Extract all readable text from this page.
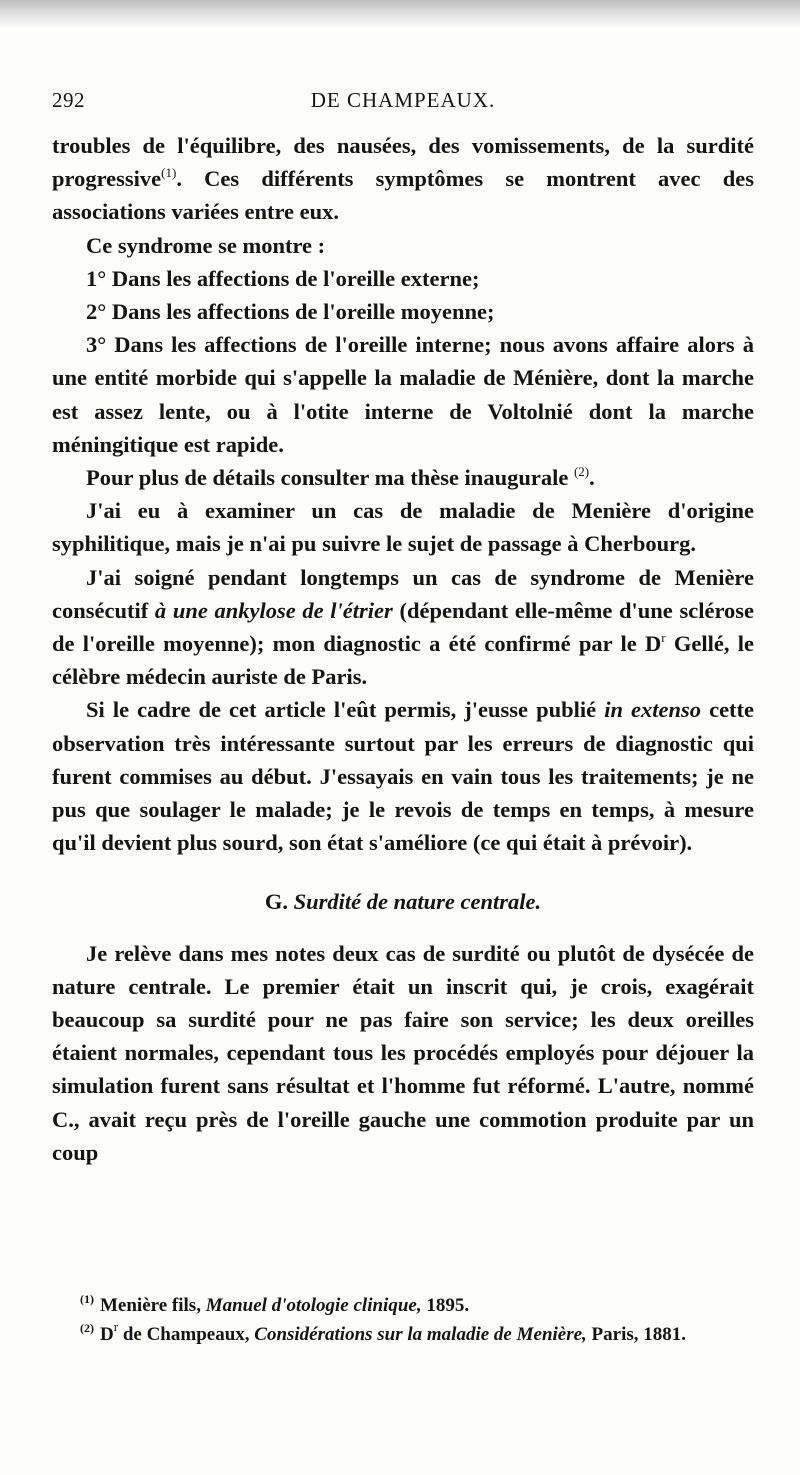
292	DE CHAMPEAUX.

troubles de l'équilibre, des nausées, des vomissements, de la surdité progressive$^{(1)}$. Ces différents symptômes se montrent avec des associations variées entre eux.

Ce syndrome se montre :

1° Dans les affections de l'oreille externe;

2° Dans les affections de l'oreille moyenne;

3° Dans les affections de l'oreille interne; nous avons affaire alors à une entité morbide qui s'appelle la maladie de Ménière, dont la marche est assez lente, ou à l'otite interne de Voltolnié dont la marche méningitique est rapide.

Pour plus de détails consulter ma thèse inaugurale $^{(2)}$.

J'ai eu à examiner un cas de maladie de Menière d'origine syphilitique, mais je n'ai pu suivre le sujet de passage à Cherbourg.

J'ai soigné pendant longtemps un cas de syndrome de Menière consécutif à une ankylose de l'étrier (dépendant elle-même d'une sclérose de l'oreille moyenne); mon diagnostic a été confirmé par le D$^r$ Gellé, le célèbre médecin auriste de Paris.

Si le cadre de cet article l'eût permis, j'eusse publié in extenso cette observation très intéressante surtout par les erreurs de diagnostic qui furent commises au début. J'essayais en vain tous les traitements; je ne pus que soulager le malade; je le revois de temps en temps, à mesure qu'il devient plus sourd, son état s'améliore (ce qui était à prévoir).

G. Surdité de nature centrale.

Je relève dans mes notes deux cas de surdité ou plutôt de dysécée de nature centrale. Le premier était un inscrit qui, je crois, exagérait beaucoup sa surdité pour ne pas faire son service; les deux oreilles étaient normales, cependant tous les procédés employés pour déjouer la simulation furent sans résultat et l'homme fut réformé. L'autre, nommé C., avait reçu près de l'oreille gauche une commotion produite par un coup

$^{(1)}$ Menière fils, Manuel d'otologie clinique, 1895.

$^{(2)}$ D$^r$ de Champeaux, Considérations sur la maladie de Menière, Paris, 1881.
